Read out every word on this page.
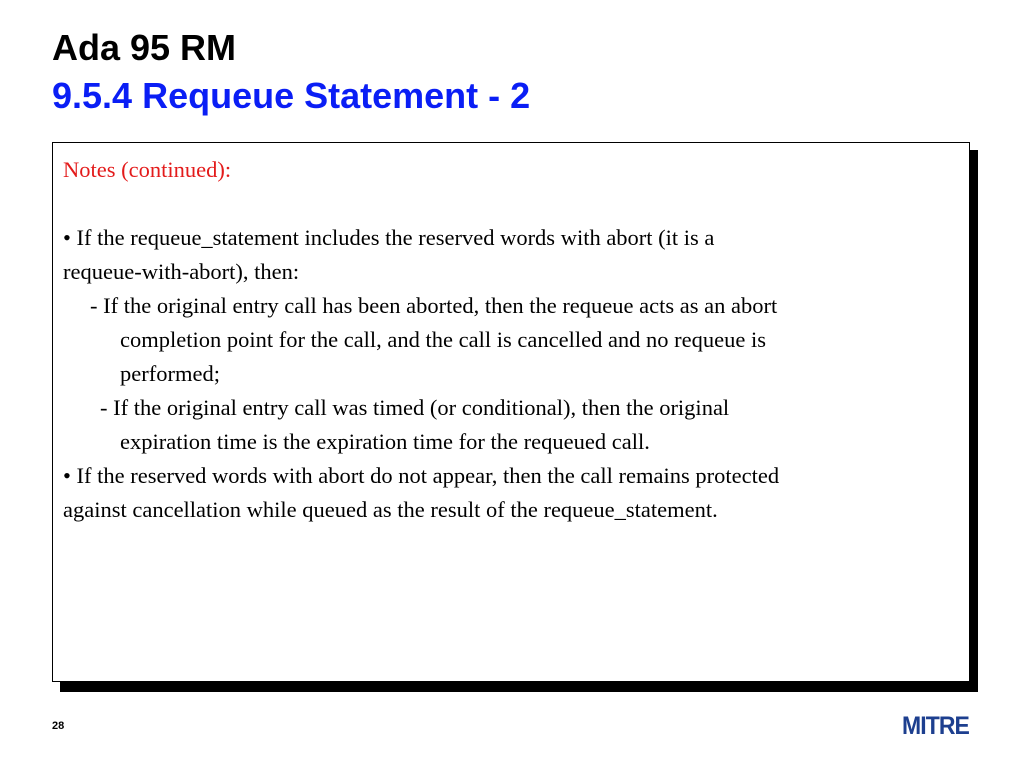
Ada 95 RM
9.5.4 Requeue Statement - 2
Notes (continued):
• If the requeue_statement includes the reserved words with abort (it is a
requeue-with-abort), then:
- If the original entry call has been aborted, then the requeue acts as an abort
completion point for the call, and the call is cancelled and no requeue is
performed;
- If the original entry call was timed (or conditional), then the original
expiration time is the expiration time for the requeued call.
• If the reserved words with abort do not appear, then the call remains protected
against cancellation while queued as the result of the requeue_statement.
28	MITRE
